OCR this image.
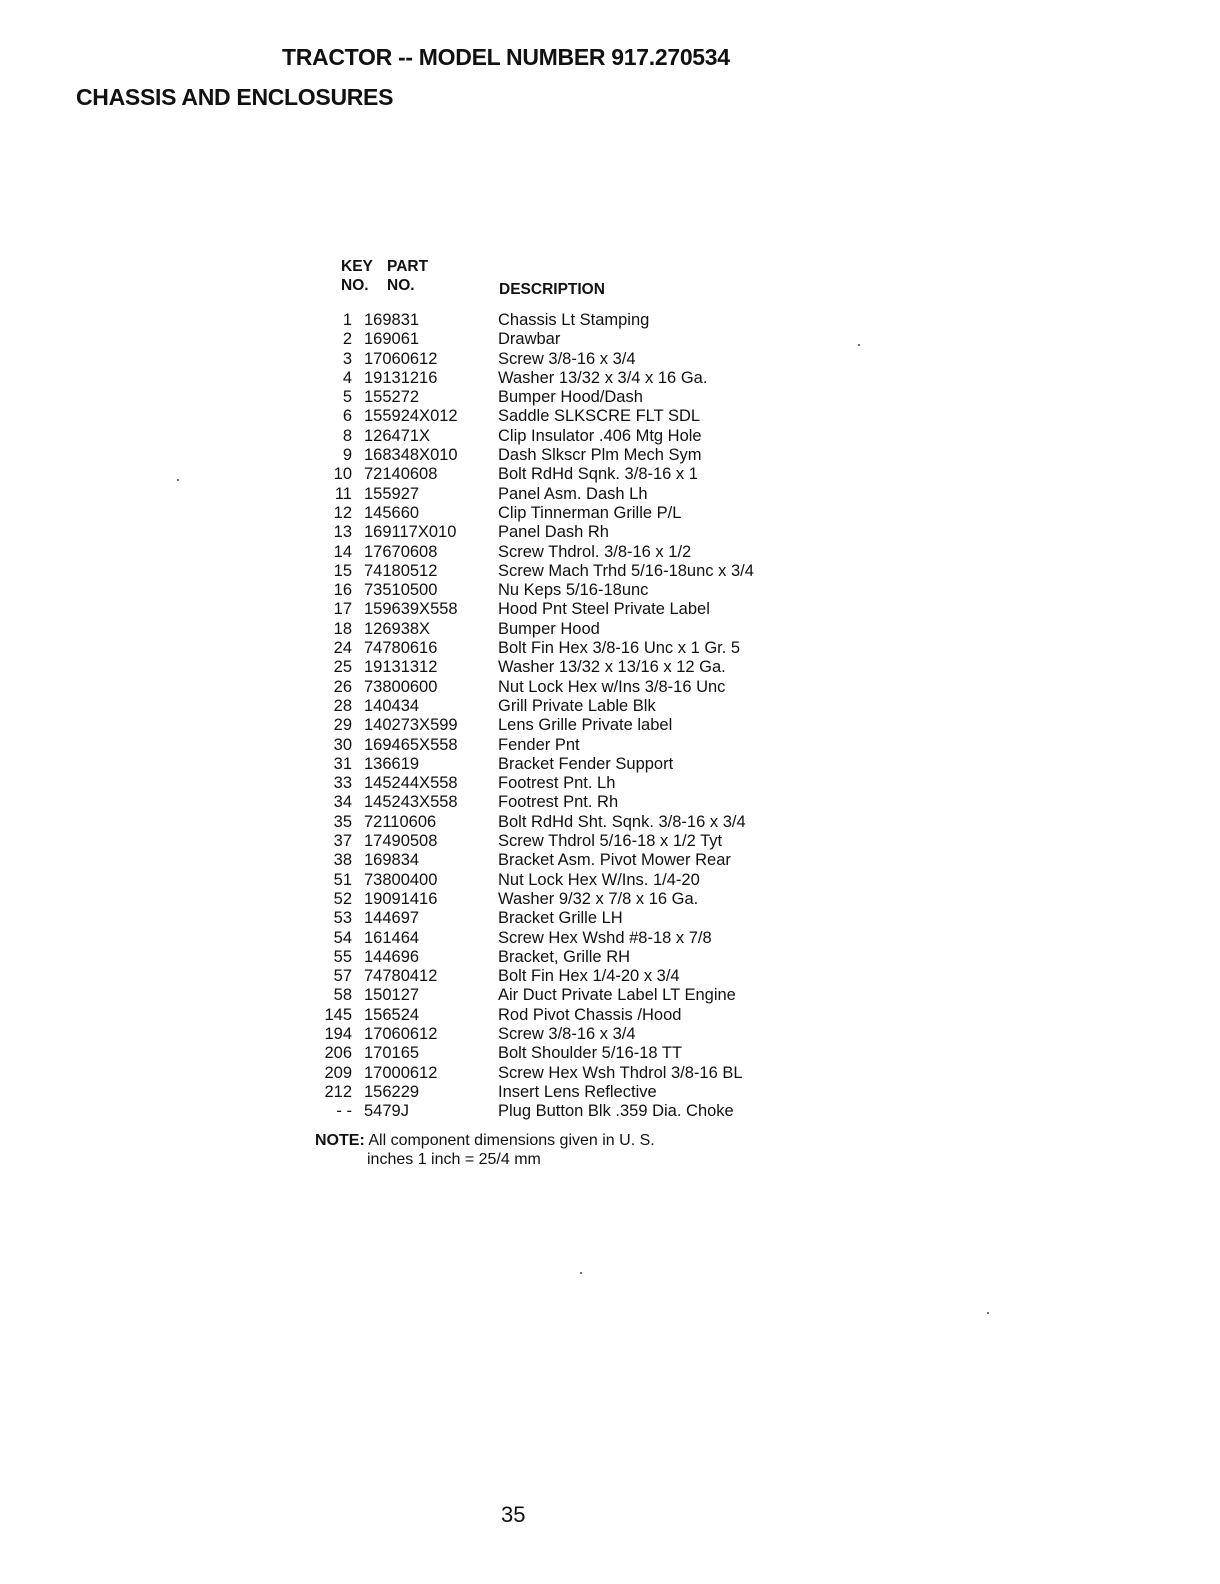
TRACTOR -- MODEL NUMBER 917.270534
CHASSIS AND ENCLOSURES
KEY
NO.
PART
NO.	DESCRIPTION
1 169831	Chassis Lt Stamping
2 169061	Drawbar
3 17060612	Screw 3/8-16 x 3/4
4 19131216	Washer 13/32 x 3/4 x 16 Ga.
5 155272	Bumper Hood/Dash
6 155924X012	Saddle SLKSCRE FLT SDL
8 126471X	Clip Insulator .406 Mtg Hole
9 168348X010	Dash Slkscr Plm Mech Sym
10 72140608	Bolt RdHd Sqnk. 3/8-16 x 1
11 155927	Panel Asm. Dash Lh
12 145660	Clip Tinnerman Grille P/L
13 169117X010	Panel Dash Rh
14 17670608	Screw Thdrol. 3/8-16 x 1/2
15 74180512	Screw Mach Trhd 5/16-18unc x 3/4
16 73510500	Nu Keps 5/16-18unc
17 159639X558	Hood Pnt Steel Private Label
18 126938X	Bumper Hood
24 74780616	Bolt Fin Hex 3/8-16 Unc x 1 Gr. 5
25 19131312	Washer 13/32 x 13/16 x 12 Ga.
26 73800600	Nut Lock Hex w/Ins 3/8-16 Unc
28 140434	Grill Private Lable Blk
29 140273X599	Lens Grille Private label
30 169465X558	Fender Pnt
31 136619	Bracket Fender Support
33 145244X558	Footrest Pnt. Lh
34 145243X558	Footrest Pnt. Rh
35 72110606	Bolt RdHd Sht. Sqnk. 3/8-16 x 3/4
37 17490508	Screw Thdrol 5/16-18 x 1/2 Tyt
38 169834	Bracket Asm. Pivot Mower Rear
51 73800400	Nut Lock Hex W/Ins. 1/4-20
52 19091416	Washer 9/32 x 7/8 x 16 Ga.
53 144697	Bracket Grille LH
54 161464	Screw Hex Wshd #8-18 x 7/8
55 144696	Bracket, Grille RH
57 74780412	Bolt Fin Hex 1/4-20 x 3/4
58 150127	Air Duct Private Label LT Engine
145 156524	Rod Pivot Chassis /Hood
194 17060612	Screw 3/8-16 x 3/4
206 170165	Bolt Shoulder 5/16-18 TT
209 17000612	Screw Hex Wsh Thdrol 3/8-16 BL
212 156229	Insert Lens Reflective
- - 5479J	Plug Button Blk .359 Dia. Choke
NOTE: All component dimensions given in U. S.
inches 1 inch = 25/4 mm
35
